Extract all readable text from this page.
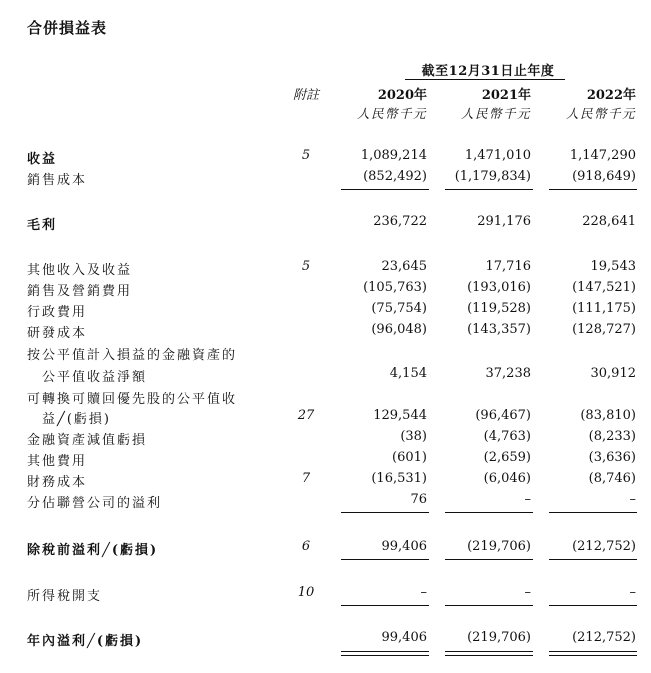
合併損益表
截至12月31日止年度
附註	2020年	2021年	2022年
人民幣千元	人民幣千元	人民幣千元
收益	5	1,089,214	1,471,010	1,147,290
銷售成本	(852,492)	(1,179,834)	(918,649)
毛利	236,722	291,176	228,641
其他收入及收益	5	23,645	17,716	19,543
銷售及營銷費用	(105,763)	(193,016)	(147,521)
行政費用	(75,754)	(119,528)	(111,175)
研發成本	(96,048)	(143,357)	(128,727)
按公平值計入損益的金融資產的
　公平值收益淨額	4,154	37,238	30,912
可轉換可贖回優先股的公平值收
　益╱(虧損)	27	129,544	(96,467)	(83,810)
金融資產減值虧損	(38)	(4,763)	(8,233)
其他費用	(601)	(2,659)	(3,636)
財務成本	7	(16,531)	(6,046)	(8,746)
分佔聯營公司的溢利	76	–	–
除稅前溢利╱(虧損)	6	99,406	(219,706)	(212,752)
所得稅開支	10	–	–	–
年內溢利╱(虧損)	99,406	(219,706)	(212,752)
